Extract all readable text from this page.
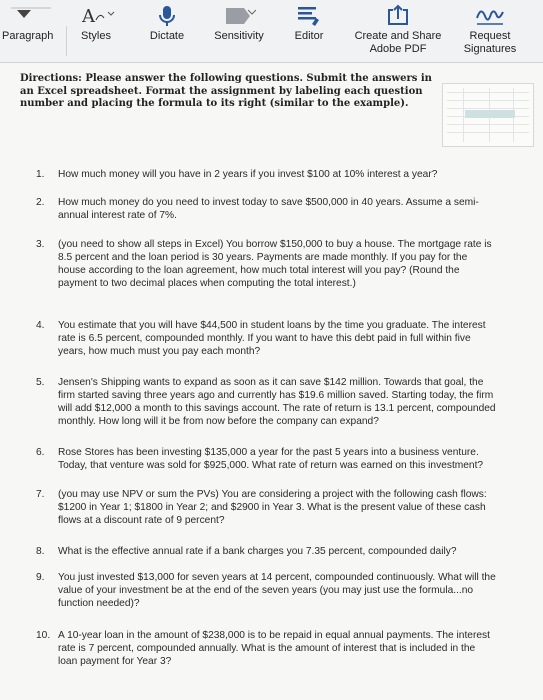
Paragraph
A
Styles	Dictate	Sensitivity	Editor	Create and Share
Adobe PDF
Request
Signatures
Directions: Please answer the following questions. Submit the answers in an Excel spreadsheet. Format the assignment by labeling each question number and placing the formula to its right (similar to the example).
1.	How much money will you have in 2 years if you invest $100 at 10% interest a year?
2.	How much money do you need to invest today to save $500,000 in 40 years. Assume a semi-annual interest rate of 7%.
3.	(you need to show all steps in Excel) You borrow $150,000 to buy a house. The mortgage rate is 8.5 percent and the loan period is 30 years. Payments are made monthly. If you pay for the house according to the loan agreement, how much total interest will you pay? (Round the payment to two decimal places when computing the total interest.)
4.	You estimate that you will have $44,500 in student loans by the time you graduate. The interest rate is 6.5 percent, compounded monthly. If you want to have this debt paid in full within five years, how much must you pay each month?
5.	Jensen's Shipping wants to expand as soon as it can save $142 million. Towards that goal, the firm started saving three years ago and currently has $19.6 million saved. Starting today, the firm will add $12,000 a month to this savings account. The rate of return is 13.1 percent, compounded monthly. How long will it be from now before the company can expand?
6.	Rose Stores has been investing $135,000 a year for the past 5 years into a business venture. Today, that venture was sold for $925,000. What rate of return was earned on this investment?
7.	(you may use NPV or sum the PVs) You are considering a project with the following cash flows: $1200 in Year 1; $1800 in Year 2; and $2900 in Year 3. What is the present value of these cash flows at a discount rate of 9 percent?
8.	What is the effective annual rate if a bank charges you 7.35 percent, compounded daily?
9.	You just invested $13,000 for seven years at 14 percent, compounded continuously. What will the value of your investment be at the end of the seven years (you may just use the formula...no function needed)?
10. A 10-year loan in the amount of $238,000 is to be repaid in equal annual payments. The interest rate is 7 percent, compounded annually. What is the amount of interest that is included in the loan payment for Year 3?
